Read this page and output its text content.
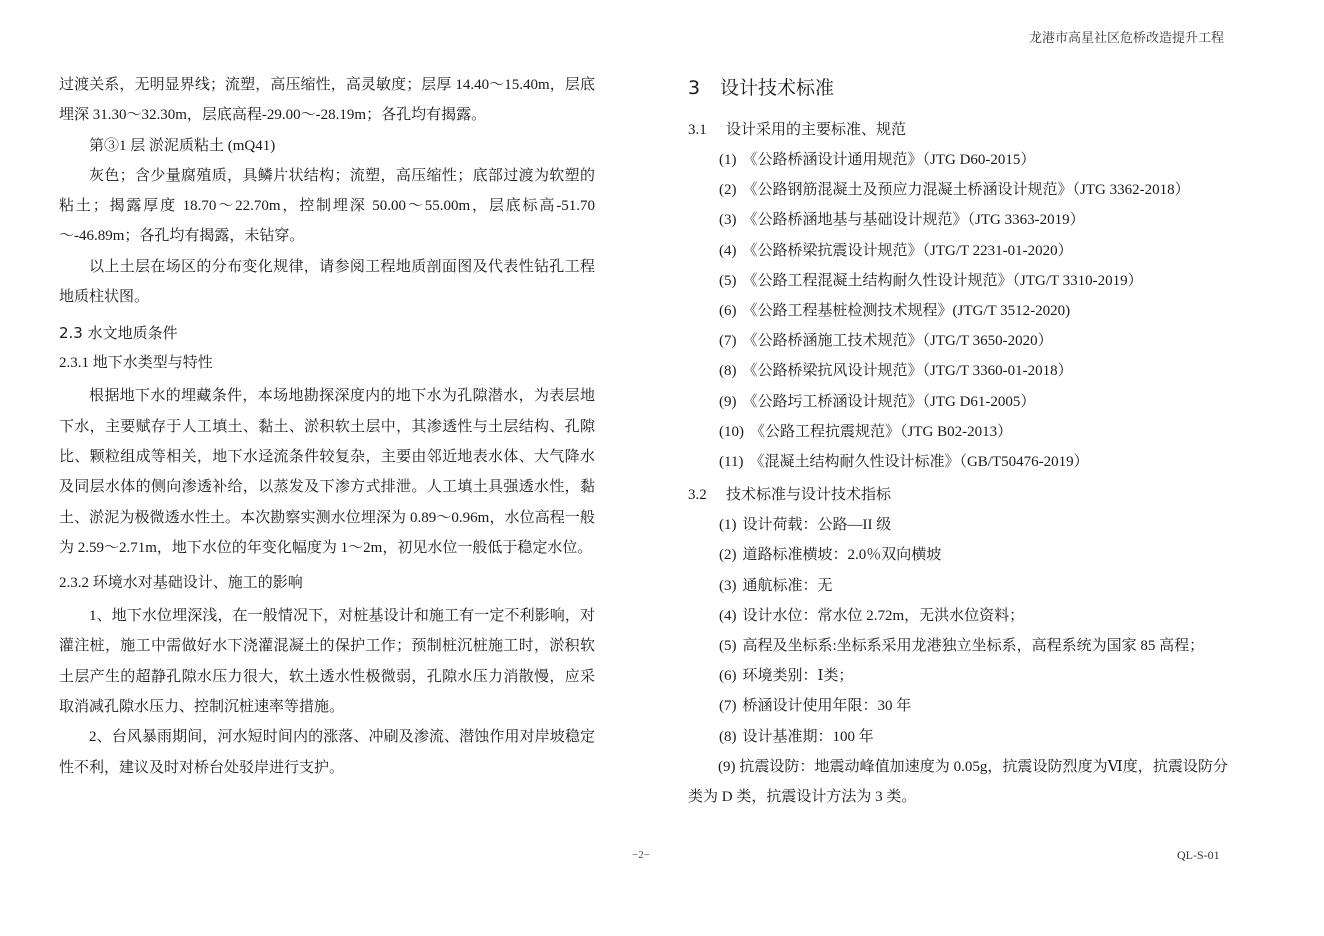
龙港市高星社区危桥改造提升工程

过渡关系，无明显界线；流塑，高压缩性，高灵敏度；层厚 14.40～15.40m，层底埋深 31.30～32.30m，层底高程-29.00～-28.19m；各孔均有揭露。

第③1 层 淤泥质粘土 (mQ41)

灰色；含少量腐殖质，具鳞片状结构；流塑，高压缩性；底部过渡为软塑的粘土；揭露厚度 18.70～22.70m，控制埋深 50.00～55.00m，层底标高-51.70～-46.89m；各孔均有揭露，未钻穿。

以上土层在场区的分布变化规律，请参阅工程地质剖面图及代表性钻孔工程地质柱状图。

2.3 水文地质条件
2.3.1 地下水类型与特性

根据地下水的埋藏条件，本场地勘探深度内的地下水为孔隙潜水，为表层地下水，主要赋存于人工填土、黏土、淤积软土层中，其渗透性与土层结构、孔隙比、颗粒组成等相关，地下水迳流条件较复杂，主要由邻近地表水体、大气降水及同层水体的侧向渗透补给，以蒸发及下渗方式排泄。人工填土具强透水性，黏土、淤泥为极微透水性土。本次勘察实测水位埋深为 0.89～0.96m，水位高程一般为 2.59～2.71m，地下水位的年变化幅度为 1～2m，初见水位一般低于稳定水位。

2.3.2 环境水对基础设计、施工的影响

1、地下水位埋深浅，在一般情况下，对桩基设计和施工有一定不利影响，对灌注桩，施工中需做好水下浇灌混凝土的保护工作；预制桩沉桩施工时，淤积软土层产生的超静孔隙水压力很大，软土透水性极微弱，孔隙水压力消散慢，应采取消减孔隙水压力、控制沉桩速率等措施。

2、台风暴雨期间，河水短时间内的涨落、冲刷及渗流、潜蚀作用对岸坡稳定性不利，建议及时对桥台处驳岸进行支护。

3 设计技术标准
3.1 设计采用的主要标准、规范
(1) 《公路桥涵设计通用规范》（JTG D60-2015）
(2) 《公路钢筋混凝土及预应力混凝土桥涵设计规范》（JTG 3362-2018）
(3) 《公路桥涵地基与基础设计规范》（JTG 3363-2019）
(4) 《公路桥梁抗震设计规范》（JTG/T 2231-01-2020）
(5) 《公路工程混凝土结构耐久性设计规范》（JTG/T 3310-2019）
(6) 《公路工程基桩检测技术规程》(JTG/T 3512-2020)
(7) 《公路桥涵施工技术规范》（JTG/T 3650-2020）
(8) 《公路桥梁抗风设计规范》（JTG/T 3360-01-2018）
(9) 《公路圬工桥涵设计规范》（JTG D61-2005）
(10) 《公路工程抗震规范》（JTG B02-2013）
(11) 《混凝土结构耐久性设计标准》（GB/T50476-2019）
3.2 技术标准与设计技术指标
(1) 设计荷载：公路—II 级
(2) 道路标准横坡：2.0％双向横坡
(3) 通航标准：无
(4) 设计水位：常水位 2.72m，无洪水位资料；
(5) 高程及坐标系:坐标系采用龙港独立坐标系，高程系统为国家 85 高程；
(6) 环境类别：Ⅰ类；
(7) 桥涵设计使用年限：30 年
(8) 设计基准期：100 年

(9) 抗震设防：地震动峰值加速度为 0.05g，抗震设防烈度为Ⅵ度，抗震设防分类为 D 类，抗震设计方法为 3 类。

−2−	QL-S-01
